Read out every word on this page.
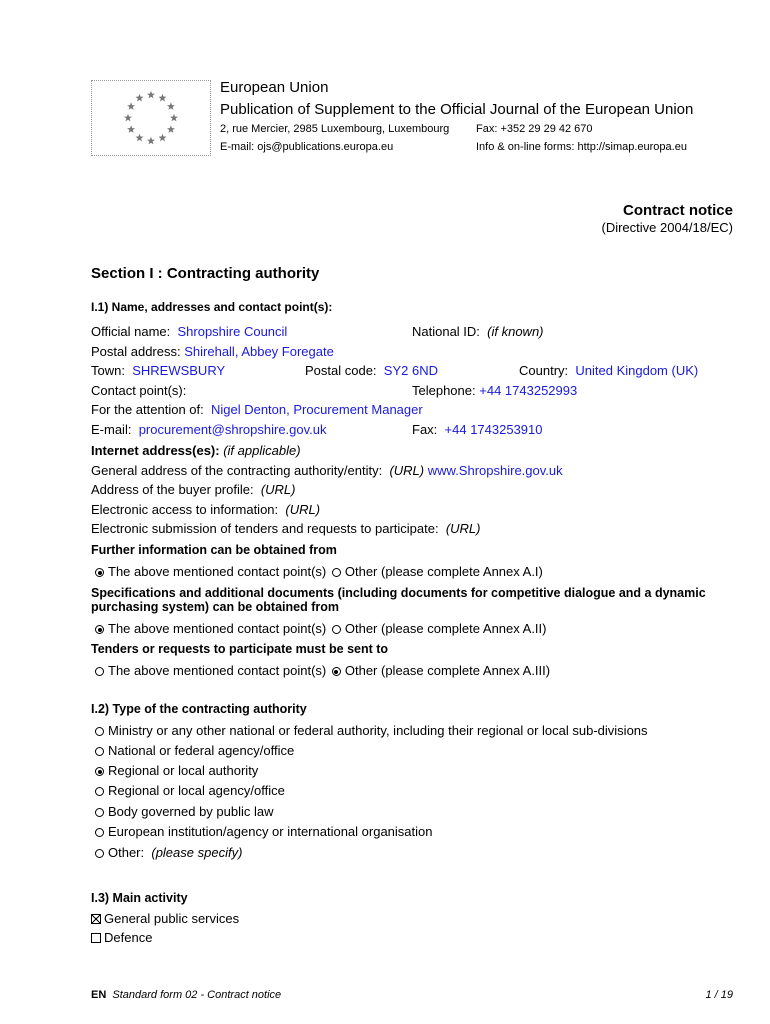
European Union
Publication of Supplement to the Official Journal of the European Union
2, rue Mercier, 2985 Luxembourg, Luxembourg Fax: +352 29 29 42 670
E-mail: ojs@publications.europa.eu	Info & on-line forms: http://simap.europa.eu
Contract notice
(Directive 2004/18/EC)
Section I : Contracting authority
I.1) Name, addresses and contact point(s):
Official name: Shropshire Council	National ID: (if known)
Postal address: Shirehall, Abbey Foregate
Town: SHREWSBURY	Postal code: SY2 6ND	Country: United Kingdom (UK)
Contact point(s):	Telephone: +44 1743252993
For the attention of: Nigel Denton, Procurement Manager
E-mail: procurement@shropshire.gov.uk	Fax: +44 1743253910
Internet address(es): (if applicable)
General address of the contracting authority/entity: (URL) www.Shropshire.gov.uk
Address of the buyer profile: (URL)
Electronic access to information: (URL)
Electronic submission of tenders and requests to participate: (URL)
Further information can be obtained from
The above mentioned contact point(s) Other (please complete Annex A.I)
Specifications and additional documents (including documents for competitive dialogue and a dynamic
purchasing system) can be obtained from
The above mentioned contact point(s) Other (please complete Annex A.II)
Tenders or requests to participate must be sent to
The above mentioned contact point(s) Other (please complete Annex A.III)
I.2) Type of the contracting authority
Ministry or any other national or federal authority, including their regional or local sub-divisions
National or federal agency/office
Regional or local authority
Regional or local agency/office
Body governed by public law
European institution/agency or international organisation
Other: (please specify)
I.3) Main activity
General public services
Defence
EN Standard form 02 - Contract notice	1 / 19
